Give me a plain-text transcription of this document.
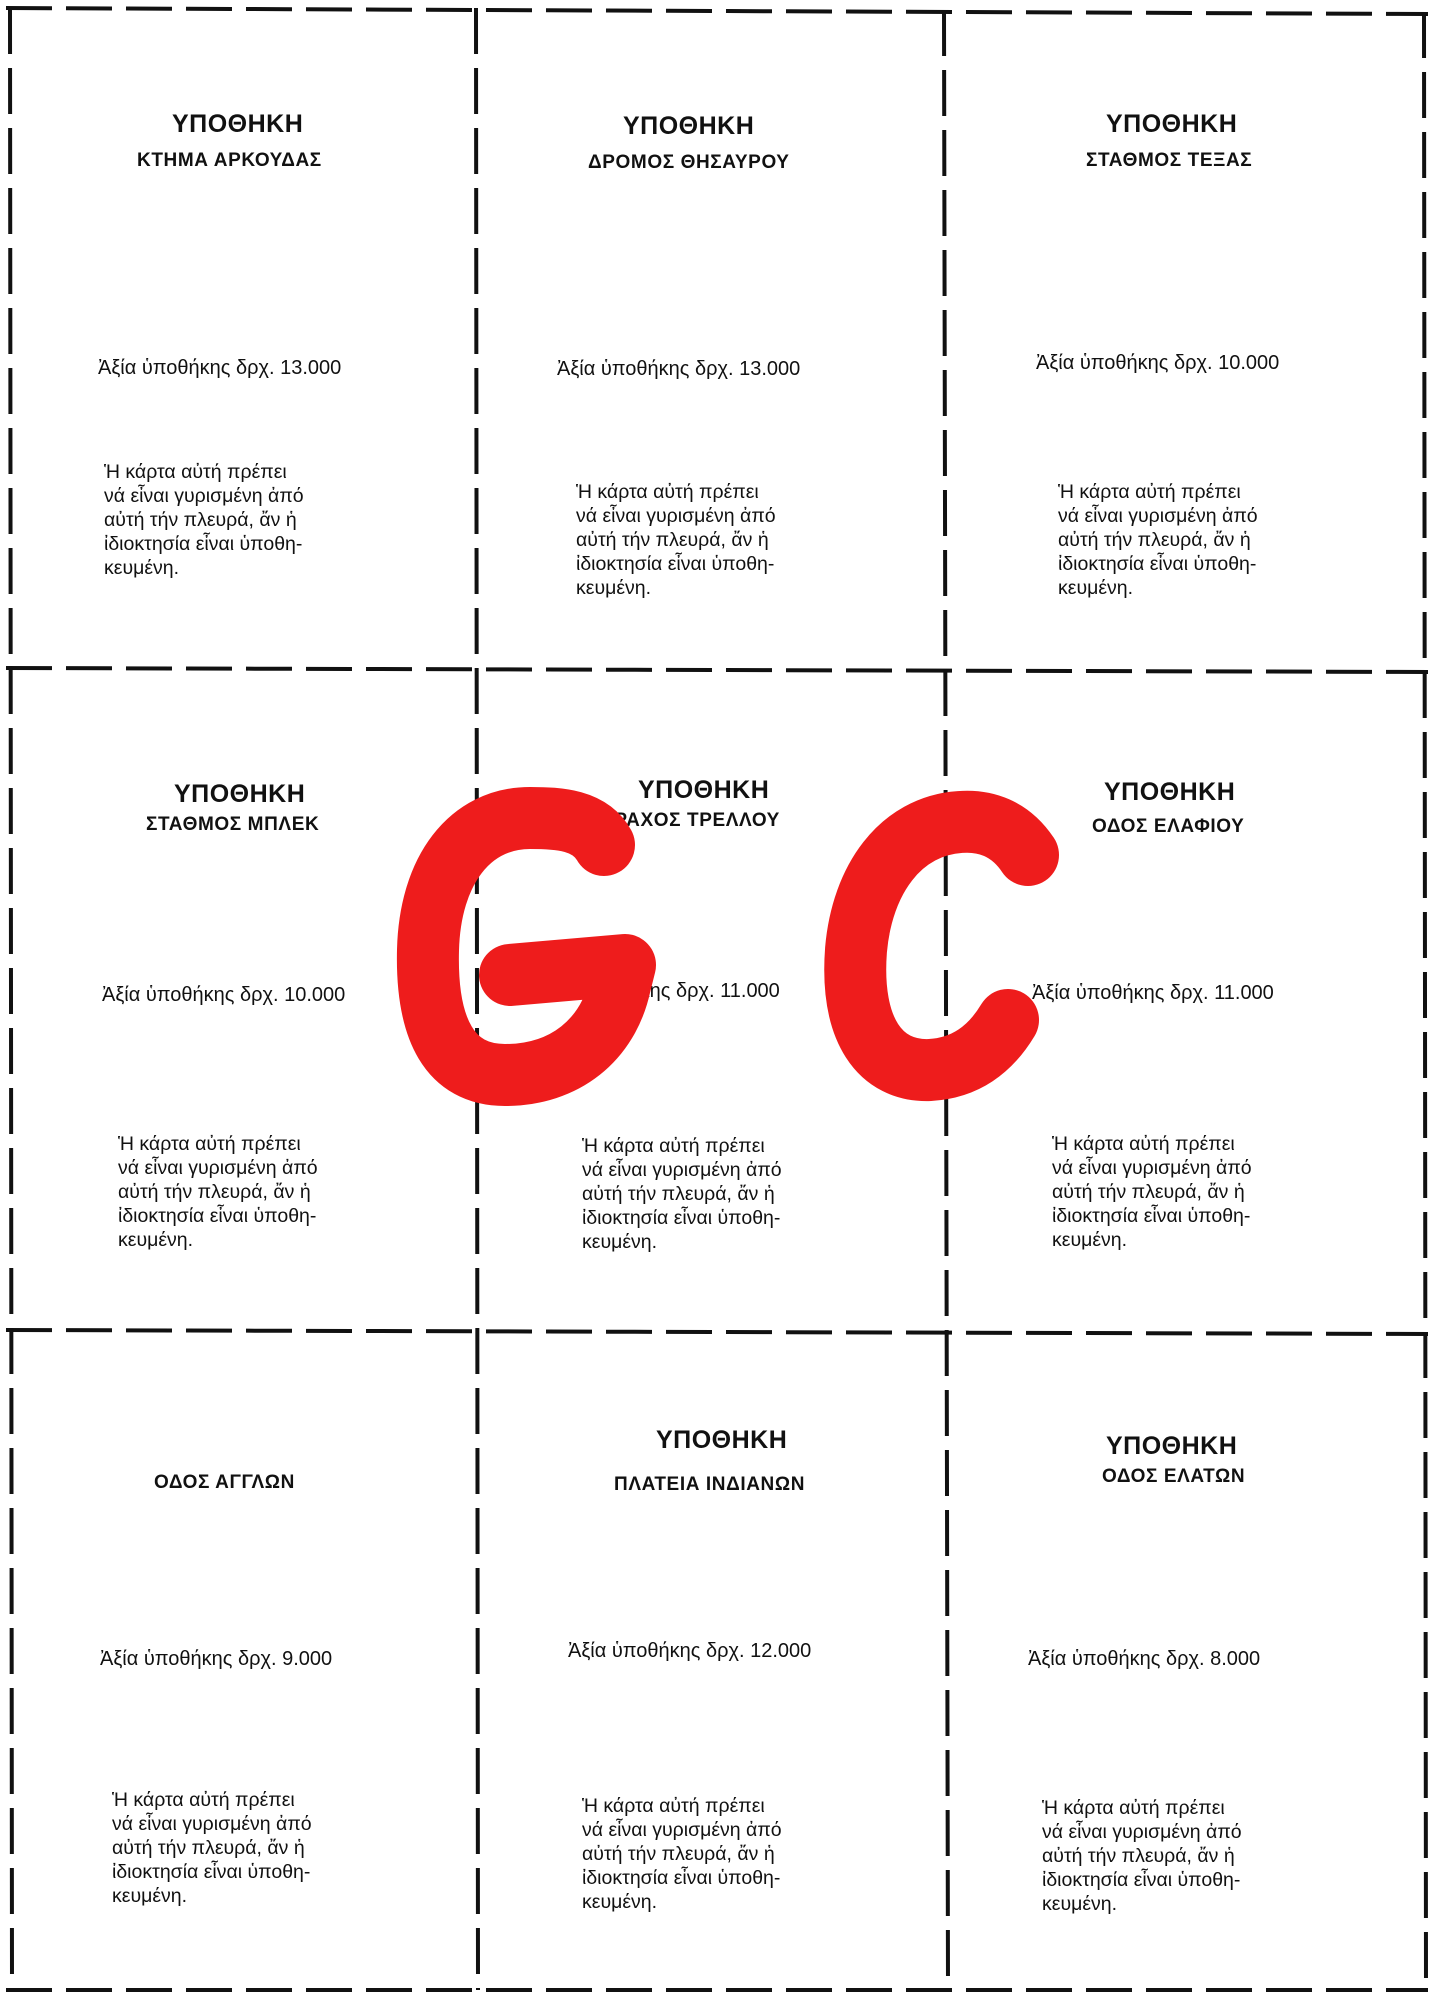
ΥΠΟΘΗΚΗ
ΚΤΗΜΑ ΑΡΚΟΥΔΑΣ
Ἀξία ὑποθήκης δρχ. 13.000
Ἡ κάρτα αὐτή πρέπει
νά εἶναι γυρισμένη ἀπό
αὐτή τήν πλευρά, ἄν ἡ
ἰδιοκτησία εἶναι ὑποθη-
κευμένη.
ΥΠΟΘΗΚΗ
ΔΡΟΜΟΣ ΘΗΣΑΥΡΟΥ
Ἀξία ὑποθήκης δρχ. 13.000
Ἡ κάρτα αὐτή πρέπει
νά εἶναι γυρισμένη ἀπό
αὐτή τήν πλευρά, ἄν ἡ
ἰδιοκτησία εἶναι ὑποθη-
κευμένη.
ΥΠΟΘΗΚΗ
ΣΤΑΘΜΟΣ ΤΕΞΑΣ
Ἀξία ὑποθήκης δρχ. 10.000
Ἡ κάρτα αὐτή πρέπει
νά εἶναι γυρισμένη ἀπό
αὐτή τήν πλευρά, ἄν ἡ
ἰδιοκτησία εἶναι ὑποθη-
κευμένη.
ΥΠΟΘΗΚΗ
ΣΤΑΘΜΟΣ ΜΠΛΕΚ
Ἀξία ὑποθήκης δρχ. 10.000
Ἡ κάρτα αὐτή πρέπει
νά εἶναι γυρισμένη ἀπό
αὐτή τήν πλευρά, ἄν ἡ
ἰδιοκτησία εἶναι ὑποθη-
κευμένη.
ΥΠΟΘΗΚΗ
ΒΡΑΧΟΣ ΤΡΕΛΛΟΥ
Ἀξία ὑποθήκης δρχ. 11.000
Ἡ κάρτα αὐτή πρέπει
νά εἶναι γυρισμένη ἀπό
αὐτή τήν πλευρά, ἄν ἡ
ἰδιοκτησία εἶναι ὑποθη-
κευμένη.
ΥΠΟΘΗΚΗ
ΟΔΟΣ ΕΛΑΦΙΟΥ
Ἀξία ὑποθήκης δρχ. 11.000
Ἡ κάρτα αὐτή πρέπει
νά εἶναι γυρισμένη ἀπό
αὐτή τήν πλευρά, ἄν ἡ
ἰδιοκτησία εἶναι ὑποθη-
κευμένη.
ΟΔΟΣ ΑΓΓΛΩΝ
Ἀξία ὑποθήκης δρχ. 9.000
Ἡ κάρτα αὐτή πρέπει
νά εἶναι γυρισμένη ἀπό
αὐτή τήν πλευρά, ἄν ἡ
ἰδιοκτησία εἶναι ὑποθη-
κευμένη.
ΥΠΟΘΗΚΗ
ΠΛΑΤΕΙΑ ΙΝΔΙΑΝΩΝ
Ἀξία ὑποθήκης δρχ. 12.000
Ἡ κάρτα αὐτή πρέπει
νά εἶναι γυρισμένη ἀπό
αὐτή τήν πλευρά, ἄν ἡ
ἰδιοκτησία εἶναι ὑποθη-
κευμένη.
ΥΠΟΘΗΚΗ
ΟΔΟΣ ΕΛΑΤΩΝ
Ἀξία ὑποθήκης δρχ. 8.000
Ἡ κάρτα αὐτή πρέπει
νά εἶναι γυρισμένη ἀπό
αὐτή τήν πλευρά, ἄν ἡ
ἰδιοκτησία εἶναι ὑποθη-
κευμένη.
